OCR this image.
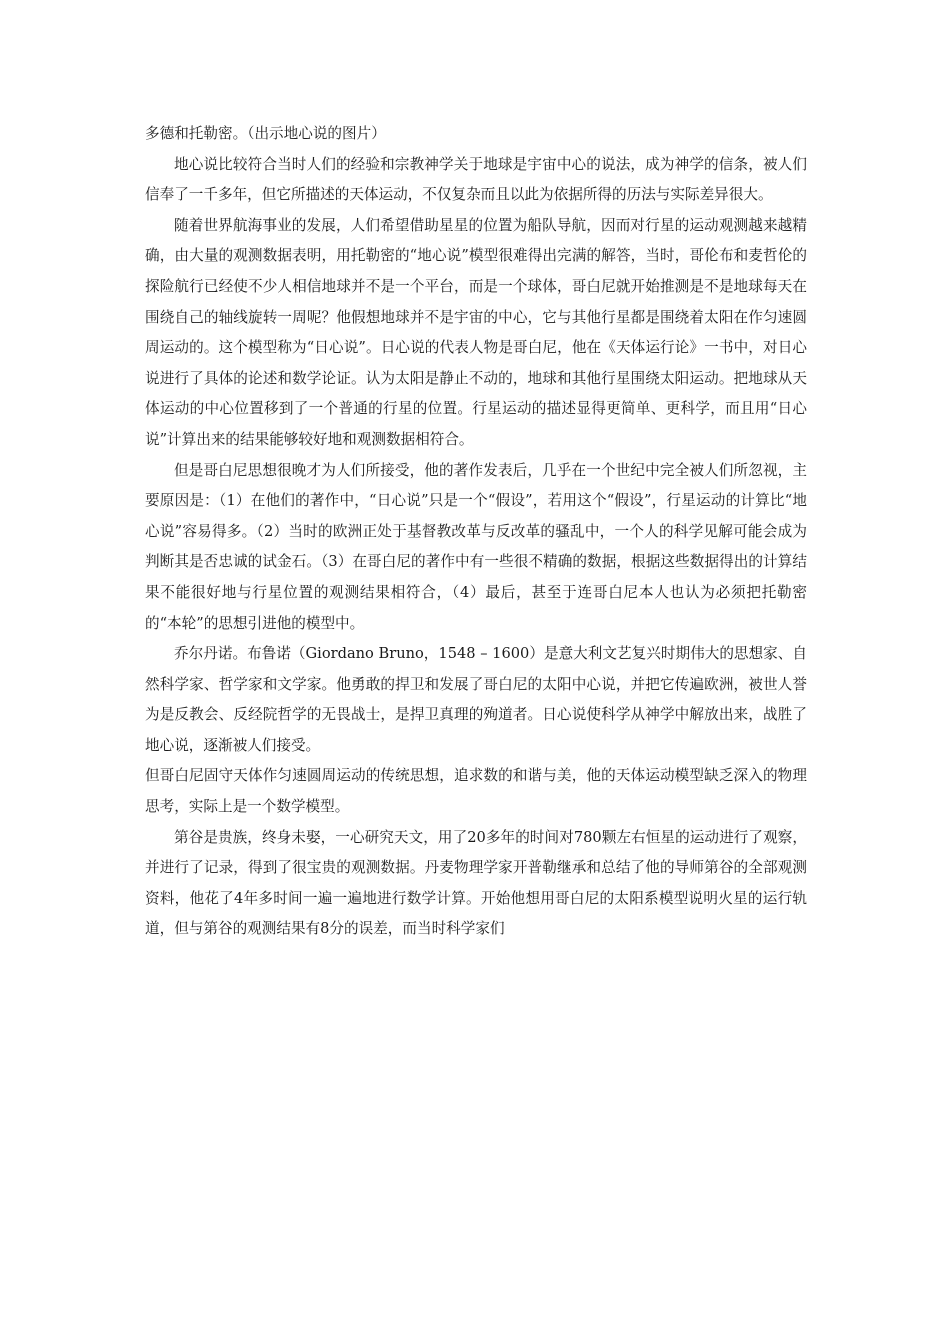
多德和托勒密。（出示地心说的图片）

地心说比较符合当时人们的经验和宗教神学关于地球是宇宙中心的说法，成为神学的信条，被人们信奉了一千多年，但它所描述的天体运动，不仅复杂而且以此为依据所得的历法与实际差异很大。

随着世界航海事业的发展，人们希望借助星星的位置为船队导航，因而对行星的运动观测越来越精确，由大量的观测数据表明，用托勒密的“地心说”模型很难得出完满的解答，当时，哥伦布和麦哲伦的探险航行已经使不少人相信地球并不是一个平台，而是一个球体，哥白尼就开始推测是不是地球每天在围绕自己的轴线旋转一周呢？他假想地球并不是宇宙的中心，它与其他行星都是围绕着太阳在作匀速圆周运动的。这个模型称为“日心说”。日心说的代表人物是哥白尼，他在《天体运行论》一书中，对日心说进行了具体的论述和数学论证。认为太阳是静止不动的，地球和其他行星围绕太阳运动。把地球从天体运动的中心位置移到了一个普通的行星的位置。行星运动的描述显得更简单、更科学，而且用“日心说”计算出来的结果能够较好地和观测数据相符合。

但是哥白尼思想很晚才为人们所接受，他的著作发表后，几乎在一个世纪中完全被人们所忽视，主要原因是：（1）在他们的著作中，“日心说”只是一个“假设”，若用这个“假设”，行星运动的计算比“地心说”容易得多。（2）当时的欧洲正处于基督教改革与反改革的骚乱中，一个人的科学见解可能会成为判断其是否忠诚的试金石。（3）在哥白尼的著作中有一些很不精确的数据，根据这些数据得出的计算结果不能很好地与行星位置的观测结果相符合，（4）最后，甚至于连哥白尼本人也认为必须把托勒密的“本轮”的思想引进他的模型中。

乔尔丹诺。布鲁诺（Giordano Bruno，1548 – 1600）是意大利文艺复兴时期伟大的思想家、自然科学家、哲学家和文学家。他勇敢的捍卫和发展了哥白尼的太阳中心说，并把它传遍欧洲，被世人誉为是反教会、反经院哲学的无畏战士，是捍卫真理的殉道者。日心说使科学从神学中解放出来，战胜了地心说，逐渐被人们接受。

但哥白尼固守天体作匀速圆周运动的传统思想，追求数的和谐与美，他的天体运动模型缺乏深入的物理思考，实际上是一个数学模型。

第谷是贵族，终身未娶，一心研究天文，用了20多年的时间对780颗左右恒星的运动进行了观察，并进行了记录，得到了很宝贵的观测数据。丹麦物理学家开普勒继承和总结了他的导师第谷的全部观测资料，他花了4年多时间一遍一遍地进行数学计算。开始他想用哥白尼的太阳系模型说明火星的运行轨道，但与第谷的观测结果有8分的误差，而当时科学家们
